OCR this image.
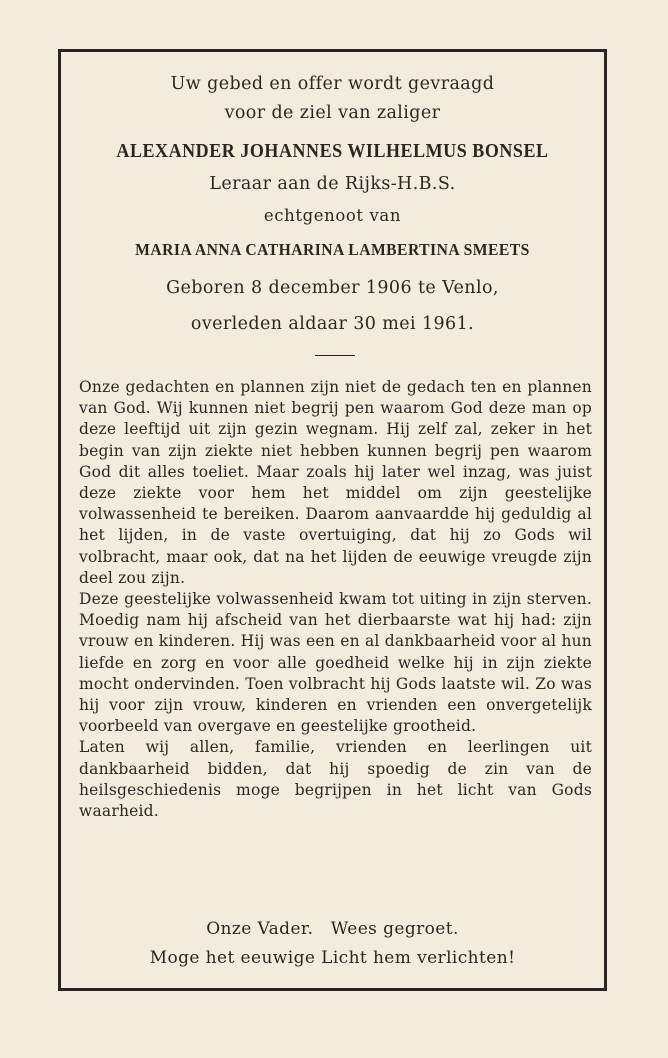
Uw gebed en offer wordt gevraagd
voor de ziel van zaliger
ALEXANDER JOHANNES WILHELMUS BONSEL
Leraar aan de Rijks-H.B.S.
echtgenoot van
MARIA ANNA CATHARINA LAMBERTINA SMEETS
Geboren 8 december 1906 te Venlo,
overleden aldaar 30 mei 1961.

Onze gedachten en plannen zijn niet de gedach ten en plannen van God. Wij kunnen niet begrij pen waarom God deze man op deze leeftijd uit zijn gezin wegnam. Hij zelf zal, zeker in het begin van zijn ziekte niet hebben kunnen begrij pen waarom God dit alles toeliet. Maar zoals hij later wel inzag, was juist deze ziekte voor hem het middel om zijn geestelijke volwassenheid te bereiken. Daarom aanvaardde hij geduldig al het lijden, in de vaste overtuiging, dat hij zo Gods wil volbracht, maar ook, dat na het lijden de eeuwige vreugde zijn deel zou zijn.

Deze geestelijke volwassenheid kwam tot uiting in zijn sterven. Moedig nam hij afscheid van het dierbaarste wat hij had: zijn vrouw en kinderen. Hij was een en al dankbaarheid voor al hun liefde en zorg en voor alle goedheid welke hij in zijn ziekte mocht ondervinden. Toen volbracht hij Gods laatste wil. Zo was hij voor zijn vrouw, kinderen en vrienden een onvergetelijk voorbeeld van overgave en geestelijke grootheid.

Laten wij allen, familie, vrienden en leerlingen uit dankbaarheid bidden, dat hij spoedig de zin van de heilsgeschiedenis moge begrijpen in het licht van Gods waarheid.

Onze Vader.   Wees gegroet.
Moge het eeuwige Licht hem verlichten!
